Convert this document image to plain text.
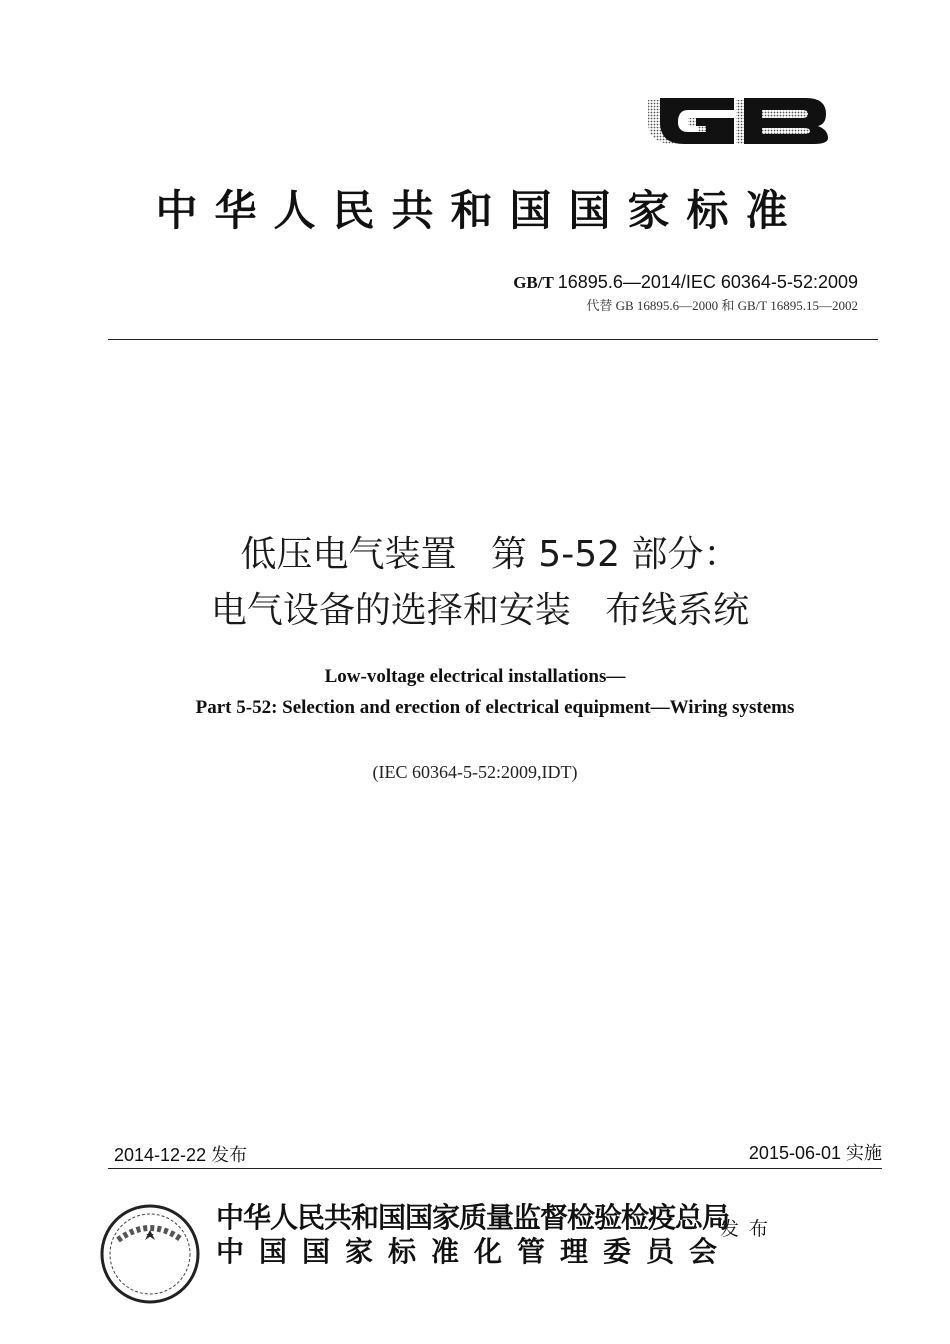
中华人民共和国国家标准
GB/T 16895.6—2014/IEC 60364-5-52:2009
代替 GB 16895.6—2000 和 GB/T 16895.15—2002
低压电气装置   第 5-52 部分：
电气设备的选择和安装   布线系统
Low-voltage electrical installations—
Part 5-52: Selection and erection of electrical equipment—Wiring systems
(IEC 60364-5-52:2009,IDT)
2014-12-22 发布	2015-06-01 实施
中华人民共和国国家质量监督检验检疫总局
中国国家标准化管理委员会
发布
